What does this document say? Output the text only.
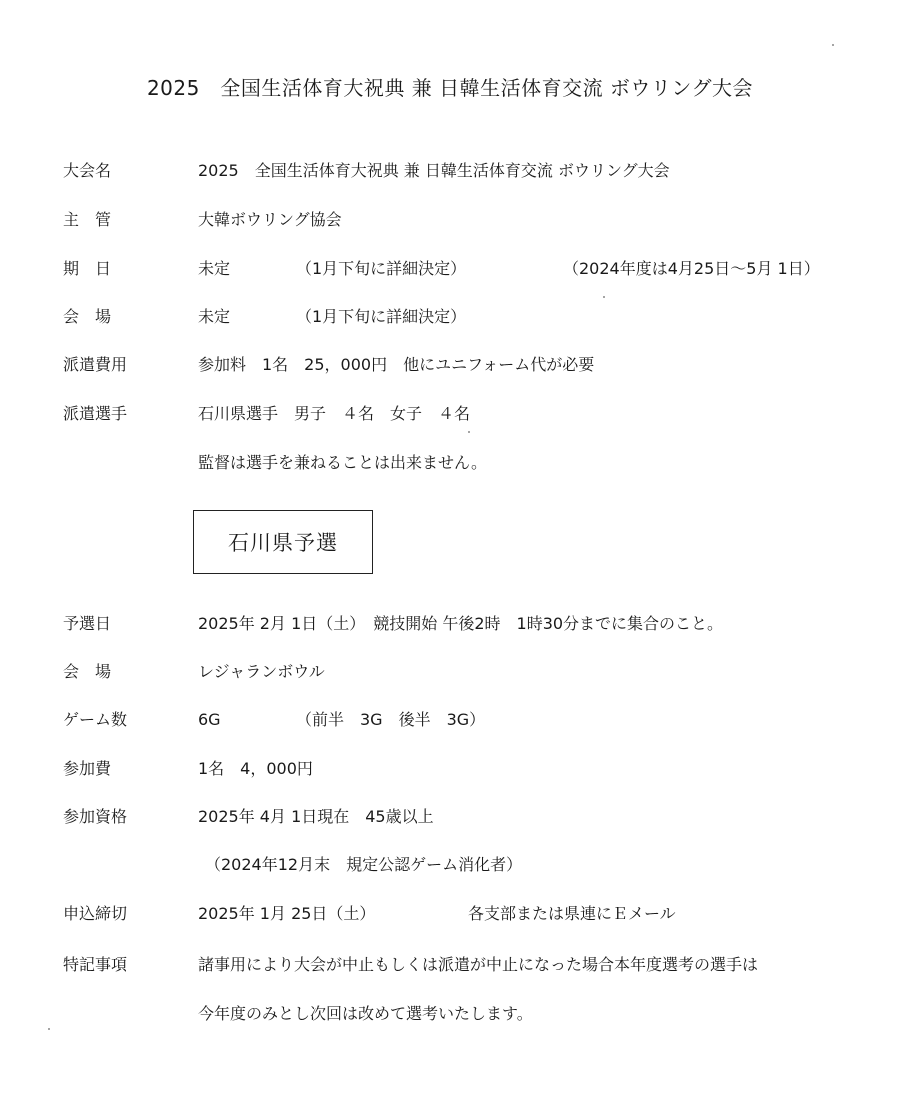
2025　全国生活体育大祝典 兼 日韓生活体育交流 ボウリング大会

大会名

	2025　全国生活体育大祝典 兼 日韓生活体育交流 ボウリング大会

主　管

	大韓ボウリング協会

期　日

	未定

	（1月下旬に詳細決定）

	（2024年度は4月25日〜5月 1日）

会　場

	未定

	（1月下旬に詳細決定）

派遣費用

	参加料　1名　25，000円　他にユニフォーム代が必要

派遣選手

	石川県選手　男子　４名　女子　４名

監督は選手を兼ねることは出来ません。

石川県予選

予選日

	2025年 2月 1日（土）　競技開始 午後2時　1時30分までに集合のこと。

会　場

	レジャランボウル

ゲーム数

	6G

	（前半　3G　後半　3G）

参加費

	1名　4，000円

参加資格

	2025年 4月 1日現在　45歳以上

（2024年12月末　規定公認ゲーム消化者）

申込締切

	2025年 1月 25日（土）

	各支部または県連にＥメール

特記事項

	諸事用により大会が中止もしくは派遣が中止になった場合本年度選考の選手は

今年度のみとし次回は改めて選考いたします。
